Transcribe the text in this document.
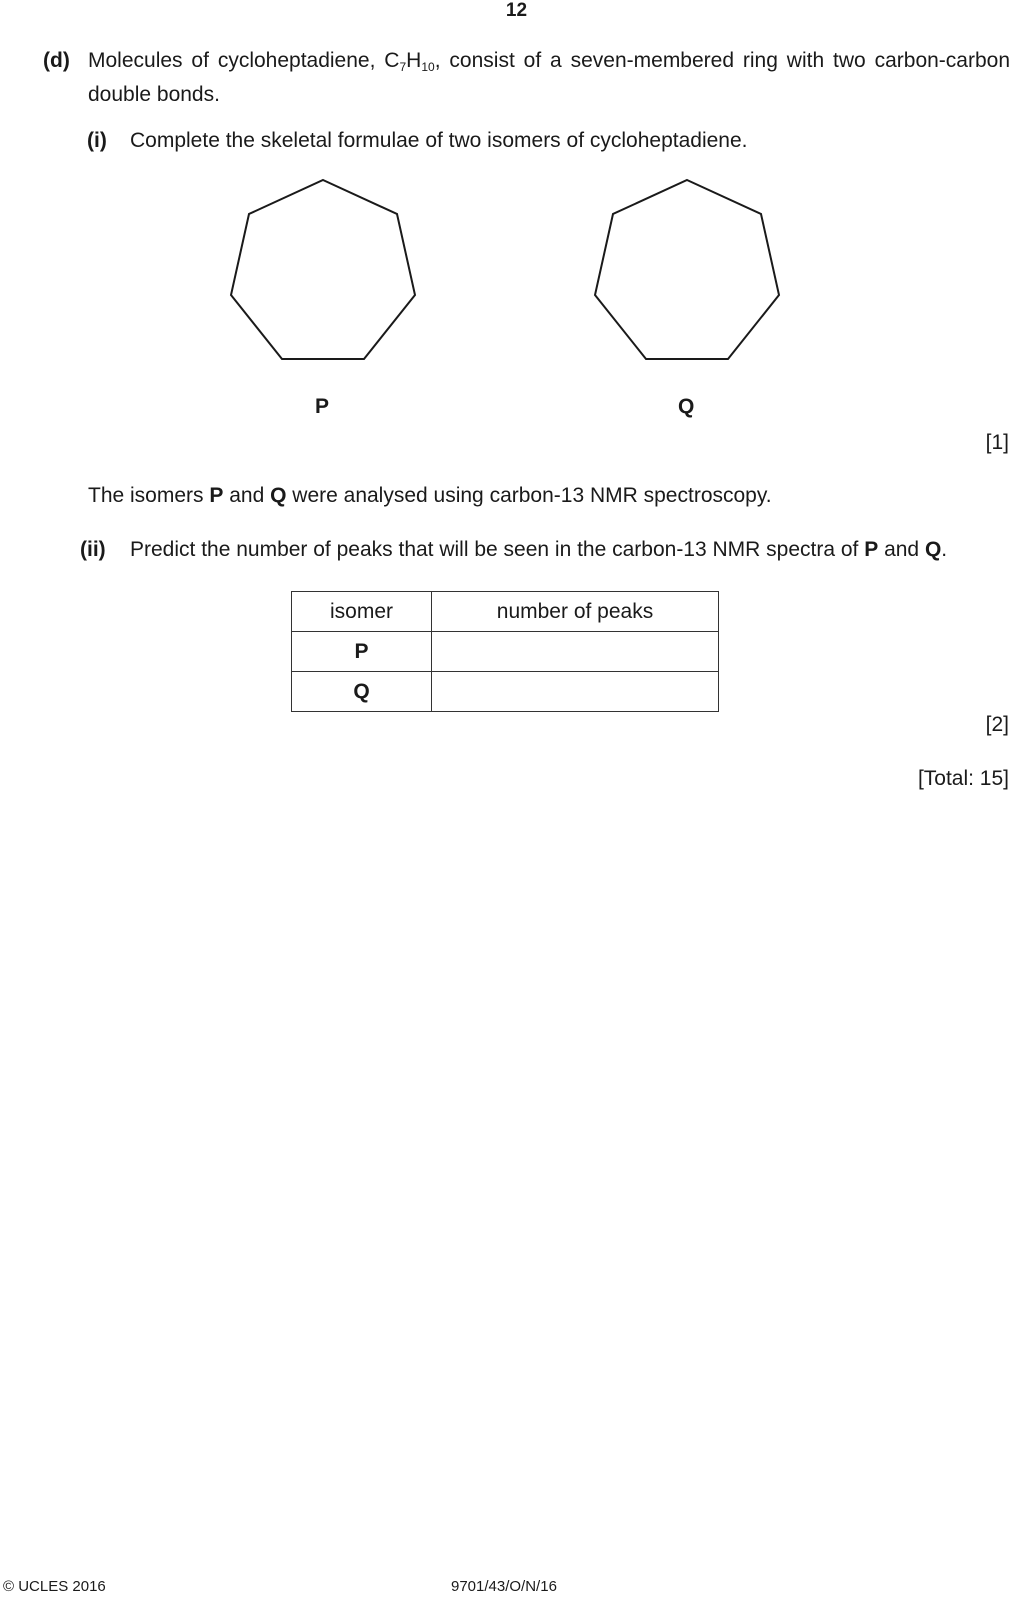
12
(d) Molecules of cycloheptadiene, $C_7H_{10}$, consist of a seven-membered ring with two carbon-carbon double bonds.
(i) Complete the skeletal formulae of two isomers of cycloheptadiene.
P	Q
[1]
The isomers P and Q were analysed using carbon-13 NMR spectroscopy.
(ii) Predict the number of peaks that will be seen in the carbon-13 NMR spectra of P and Q.
isomer	number of peaks
P	
Q	
[2]
[Total: 15]
© UCLES 2016	9701/43/O/N/16
